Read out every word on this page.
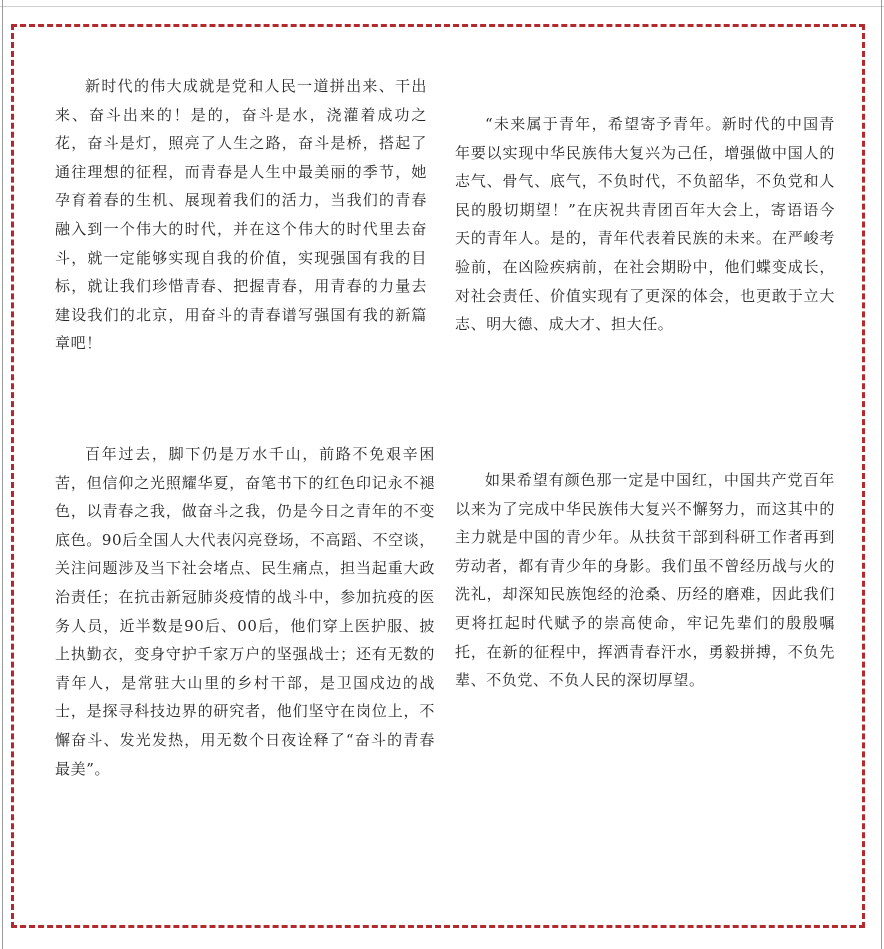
新时代的伟大成就是党和人民一道拼出来、干出来、奋斗出来的！是的，奋斗是水，浇灌着成功之花，奋斗是灯，照亮了人生之路，奋斗是桥，搭起了通往理想的征程，而青春是人生中最美丽的季节，她孕育着春的生机、展现着我们的活力，当我们的青春融入到一个伟大的时代，并在这个伟大的时代里去奋斗，就一定能够实现自我的价值，实现强国有我的目标，就让我们珍惜青春、把握青春，用青春的力量去建设我们的北京，用奋斗的青春谱写强国有我的新篇章吧！

“未来属于青年，希望寄予青年。新时代的中国青年要以实现中华民族伟大复兴为己任，增强做中国人的志气、骨气、底气，不负时代，不负韶华，不负党和人民的殷切期望！”在庆祝共青团百年大会上，寄语语今天的青年人。是的，青年代表着民族的未来。在严峻考验前，在凶险疾病前，在社会期盼中，他们蝶变成长，对社会责任、价值实现有了更深的体会，也更敢于立大志、明大德、成大才、担大任。

百年过去，脚下仍是万水千山，前路不免艰辛困苦，但信仰之光照耀华夏，奋笔书下的红色印记永不褪色，以青春之我，做奋斗之我，仍是今日之青年的不变底色。90后全国人大代表闪亮登场，不高蹈、不空谈，关注问题涉及当下社会堵点、民生痛点，担当起重大政治责任；在抗击新冠肺炎疫情的战斗中，参加抗疫的医务人员，近半数是90后、00后，他们穿上医护服、披上执勤衣，变身守护千家万户的坚强战士；还有无数的青年人，是常驻大山里的乡村干部，是卫国戍边的战士，是探寻科技边界的研究者，他们坚守在岗位上，不懈奋斗、发光发热，用无数个日夜诠释了“奋斗的青春最美”。

如果希望有颜色那一定是中国红，中国共产党百年以来为了完成中华民族伟大复兴不懈努力，而这其中的主力就是中国的青少年。从扶贫干部到科研工作者再到劳动者，都有青少年的身影。我们虽不曾经历战与火的洗礼，却深知民族饱经的沧桑、历经的磨难，因此我们更将扛起时代赋予的崇高使命，牢记先辈们的殷殷嘱托，在新的征程中，挥洒青春汗水，勇毅拼搏，不负先辈、不负党、不负人民的深切厚望。
